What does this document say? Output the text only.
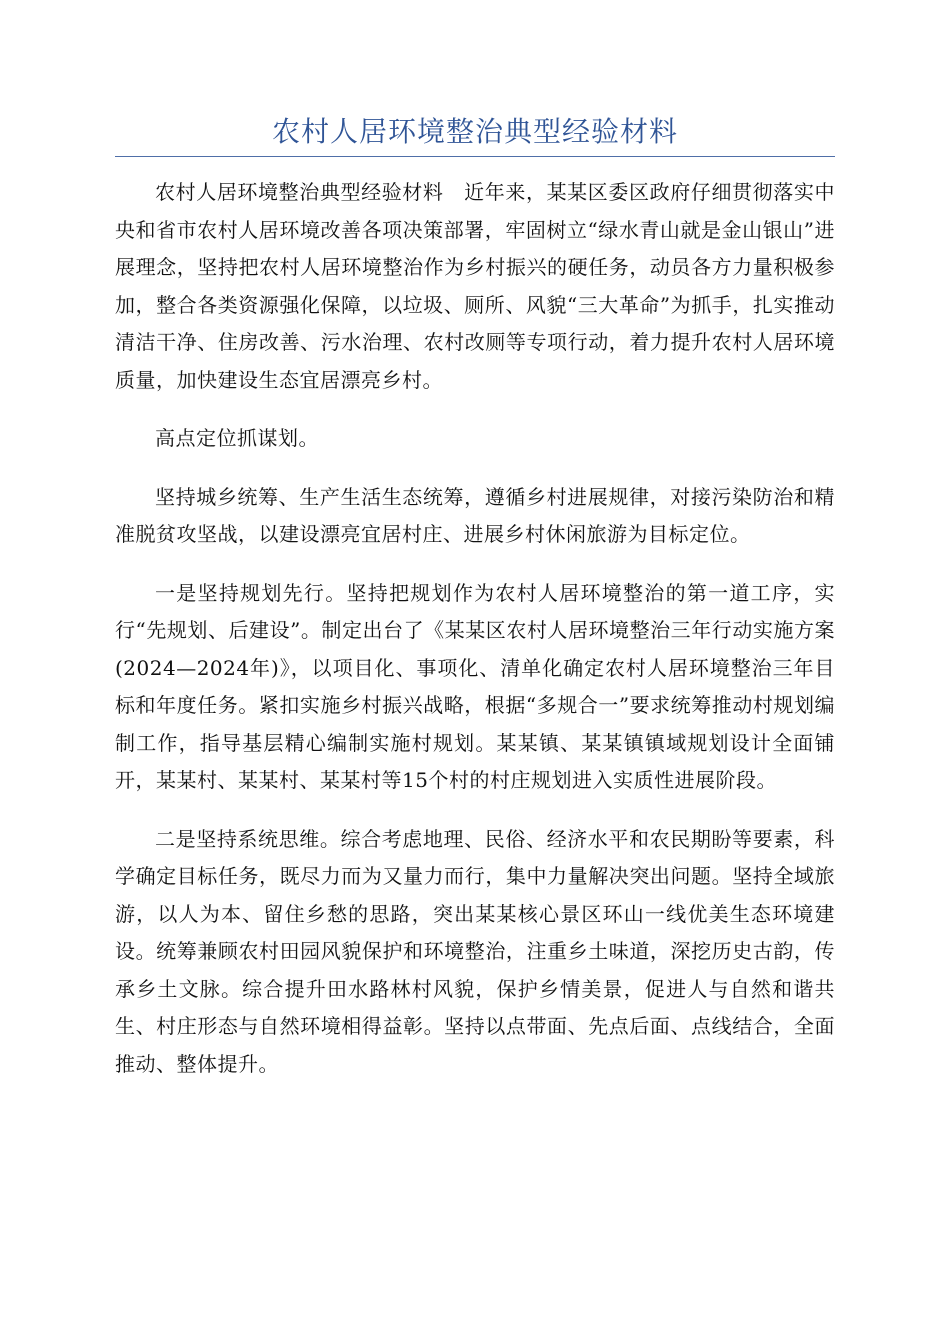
农村人居环境整治典型经验材料

农村人居环境整治典型经验材料　近年来，某某区委区政府仔细贯彻落实中央和省市农村人居环境改善各项决策部署，牢固树立“绿水青山就是金山银山”进展理念，坚持把农村人居环境整治作为乡村振兴的硬任务，动员各方力量积极参加，整合各类资源强化保障，以垃圾、厕所、风貌“三大革命”为抓手，扎实推动清洁干净、住房改善、污水治理、农村改厕等专项行动，着力提升农村人居环境质量，加快建设生态宜居漂亮乡村。

高点定位抓谋划。

坚持城乡统筹、生产生活生态统筹，遵循乡村进展规律，对接污染防治和精准脱贫攻坚战，以建设漂亮宜居村庄、进展乡村休闲旅游为目标定位。

一是坚持规划先行。坚持把规划作为农村人居环境整治的第一道工序，实行“先规划、后建设”。制定出台了《某某区农村人居环境整治三年行动实施方案(2024—2024年)》，以项目化、事项化、清单化确定农村人居环境整治三年目标和年度任务。紧扣实施乡村振兴战略，根据“多规合一”要求统筹推动村规划编制工作，指导基层精心编制实施村规划。某某镇、某某镇镇域规划设计全面铺开，某某村、某某村、某某村等15个村的村庄规划进入实质性进展阶段。

二是坚持系统思维。综合考虑地理、民俗、经济水平和农民期盼等要素，科学确定目标任务，既尽力而为又量力而行，集中力量解决突出问题。坚持全域旅游，以人为本、留住乡愁的思路，突出某某核心景区环山一线优美生态环境建设。统筹兼顾农村田园风貌保护和环境整治，注重乡土味道，深挖历史古韵，传承乡土文脉。综合提升田水路林村风貌，保护乡情美景，促进人与自然和谐共生、村庄形态与自然环境相得益彰。坚持以点带面、先点后面、点线结合，全面推动、整体提升。
